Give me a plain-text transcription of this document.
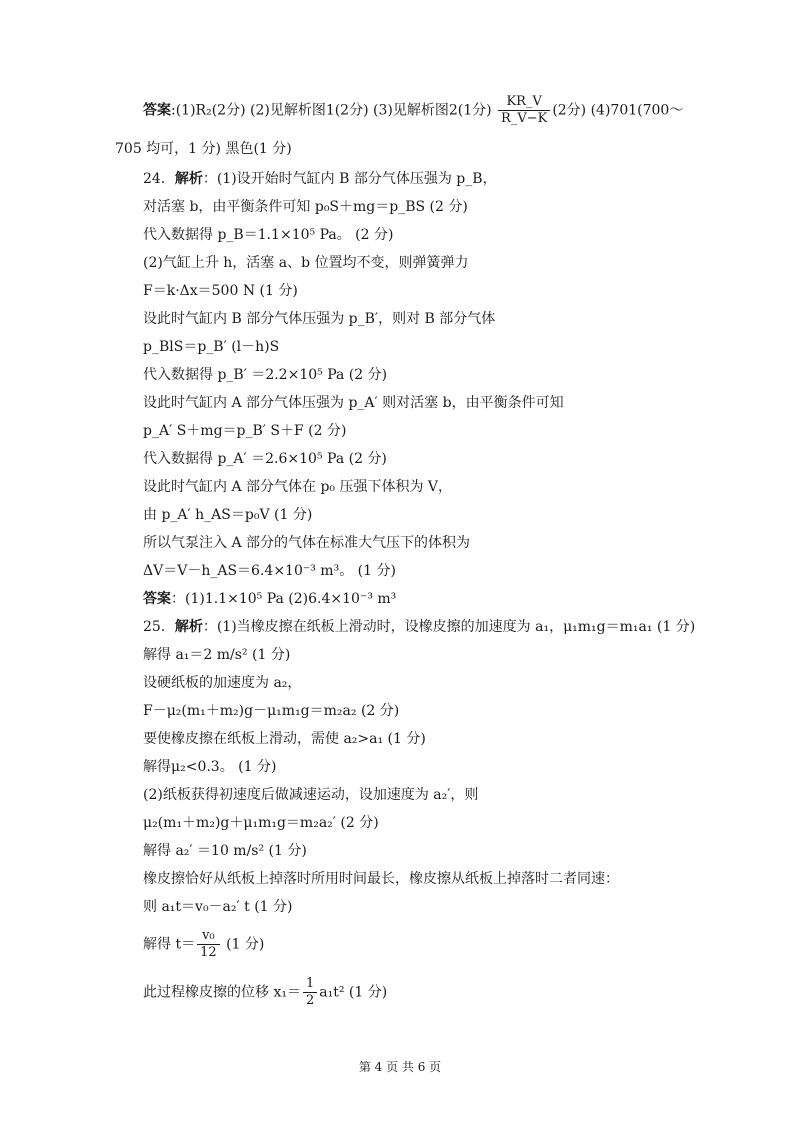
答案:(1)R₂(2分) (2)见解析图1(2分) (3)见解析图2(1分) $\frac{KR\_V}{R\_V-K} (2$分) (4)701(700～
705 均可，1 分) 黑色(1 分)
24．解析：(1)设开始时气缸内 B 部分气体压强为 p_B，
对活塞 b，由平衡条件可知 p₀S＋mg＝p_BS (2 分)
代入数据得 p_B＝1.1×10⁵ Pa。 (2 分)
(2)气缸上升 h，活塞 a、b 位置均不变，则弹簧弹力
F＝k·Δx＝500 N (1 分)
设此时气缸内 B 部分气体压强为 p_B′，则对 B 部分气体
p_BlS＝p_B′ (l－h)S
代入数据得 p_B′ ＝2.2×10⁵ Pa (2 分)
设此时气缸内 A 部分气体压强为 p_A′ 则对活塞 b，由平衡条件可知
p_A′ S＋mg＝p_B′ S＋F (2 分)
代入数据得 p_A′ ＝2.6×10⁵ Pa (2 分)
设此时气缸内 A 部分气体在 p₀ 压强下体积为 V，
由 p_A′ h_AS＝p₀V (1 分)
所以气泵注入 A 部分的气体在标准大气压下的体积为
ΔV＝V－h_AS＝6.4×10⁻³ m³。 (1 分)
答案：(1)1.1×10⁵ Pa (2)6.4×10⁻³ m³
25．解析：(1)当橡皮擦在纸板上滑动时，设橡皮擦的加速度为 a₁，μ₁m₁g＝m₁a₁ (1 分)
解得 a₁＝2 m/s² (1 分)
设硬纸板的加速度为 a₂，
F－μ₂(m₁＋m₂)g－μ₁m₁g＝m₂a₂ (2 分)
要使橡皮擦在纸板上滑动，需使 a₂>a₁ (1 分)
解得μ₂<0.3。 (1 分)
(2)纸板获得初速度后做减速运动，设加速度为 a₂′，则
μ₂(m₁＋m₂)g＋μ₁m₁g＝m₂a₂′ (2 分)
解得 a₂′ ＝10 m/s² (1 分)
橡皮擦恰好从纸板上掉落时所用时间最长，橡皮擦从纸板上掉落时二者同速：
则 a₁t＝v₀－a₂′ t (1 分)
解得 $t= \frac{\text{v₀}}{12} (1$ 分)
此过程橡皮擦的位移 $x_1= \frac{1}{2} a_1t^2$ (1 分)
第 4 页 共 6 页
